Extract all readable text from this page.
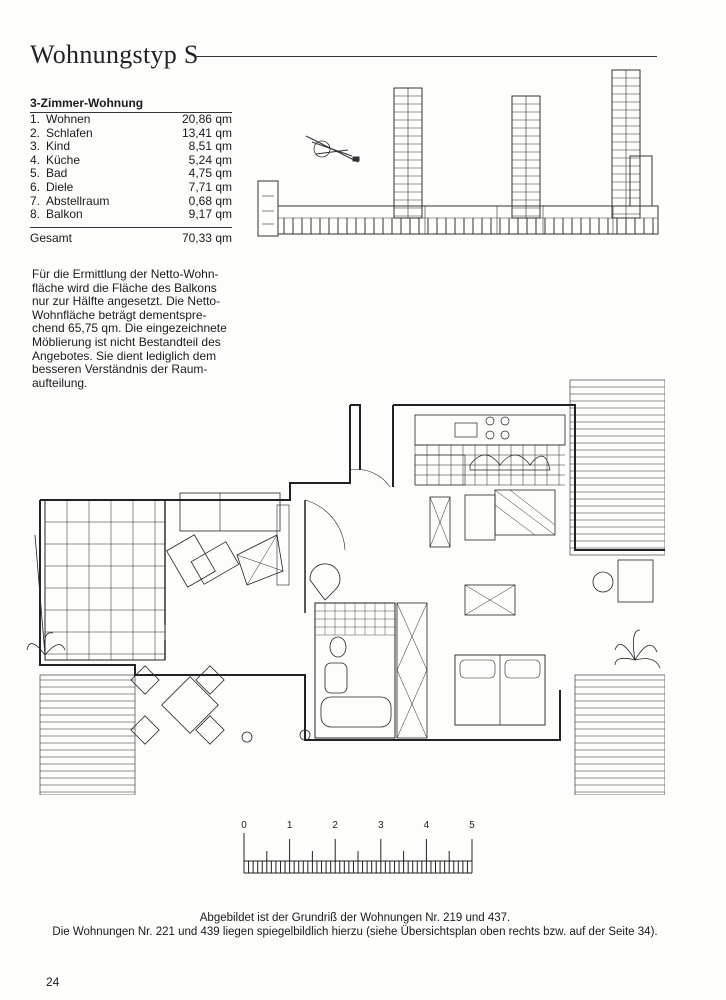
Wohnungstyp S
3-Zimmer-Wohnung
1. Wohnen	20,86 qm
2. Schlafen	13,41 qm
3. Kind	8,51 qm
4. Küche	5,24 qm
5. Bad	4,75 qm
6. Diele	7,71 qm
7. Abstellraum	0,68 qm
8. Balkon	9,17 qm
Gesamt	70,33 qm
Für die Ermittlung der Netto-Wohn-
fläche wird die Fläche des Balkons
nur zur Hälfte angesetzt. Die Netto-
Wohnfläche beträgt dementspre-
chend 65,75 qm. Die eingezeichnete
Möblierung ist nicht Bestandteil des
Angebotes. Sie dient lediglich dem
besseren Verständnis der Raum-
aufteilung.
0	1	2	3	4	5
Abgebildet ist der Grundriß der Wohnungen Nr. 219 und 437.
Die Wohnungen Nr. 221 und 439 liegen spiegelbildlich hierzu (siehe Übersichtsplan oben rechts bzw. auf der Seite 34).
24
